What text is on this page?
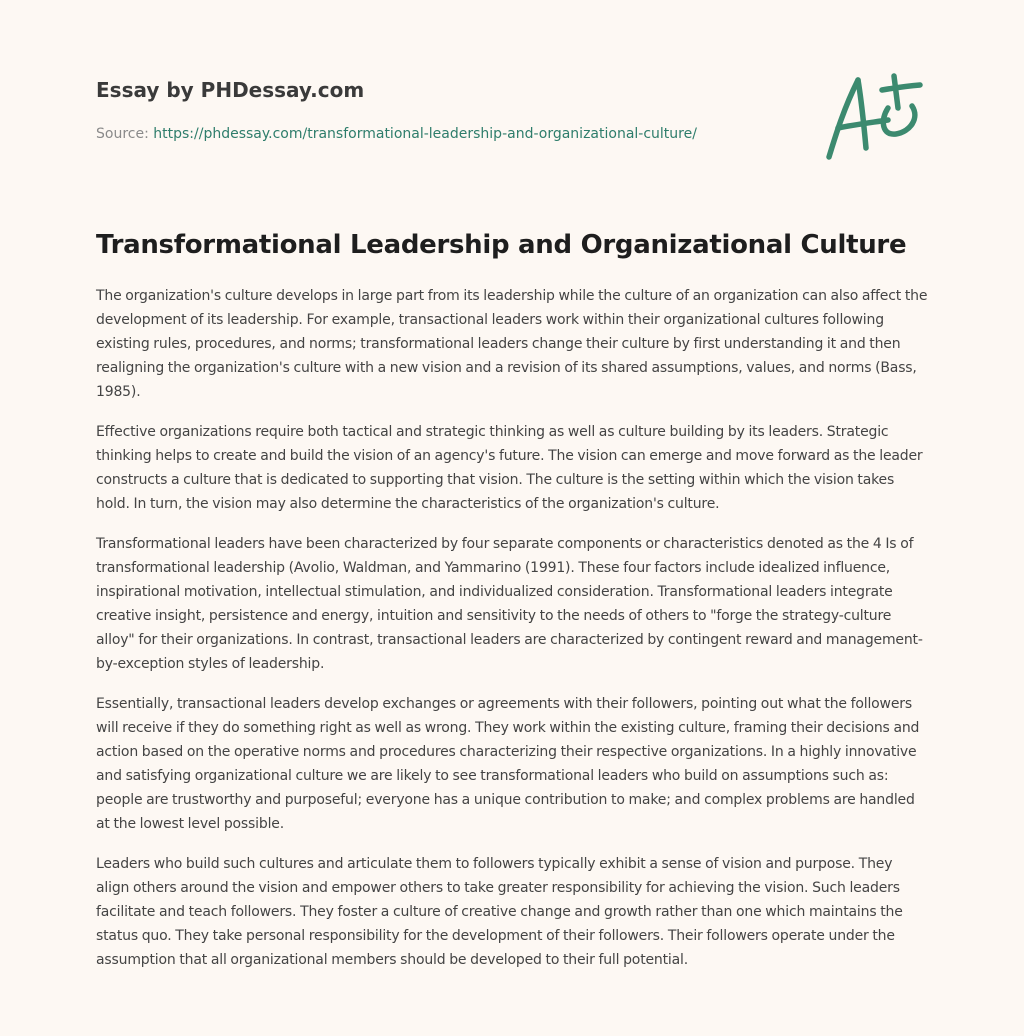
Essay by PHDessay.com
Source: https://phdessay.com/transformational-leadership-and-organizational-culture/
Transformational Leadership and Organizational Culture

The organization's culture develops in large part from its leadership while the culture of an organization can also affect the development of its leadership. For example, transactional leaders work within their organizational cultures following existing rules, procedures, and norms; transformational leaders change their culture by first understanding it and then realigning the organization's culture with a new vision and a revision of its shared assumptions, values, and norms (Bass, 1985).

Effective organizations require both tactical and strategic thinking as well as culture building by its leaders. Strategic thinking helps to create and build the vision of an agency's future. The vision can emerge and move forward as the leader constructs a culture that is dedicated to supporting that vision. The culture is the setting within which the vision takes hold. In turn, the vision may also determine the characteristics of the organization's culture.

Transformational leaders have been characterized by four separate components or characteristics denoted as the 4 Is of transformational leadership (Avolio, Waldman, and Yammarino (1991). These four factors include idealized influence, inspirational motivation, intellectual stimulation, and individualized consideration. Transformational leaders integrate creative insight, persistence and energy, intuition and sensitivity to the needs of others to "forge the strategy-culture alloy" for their organizations. In contrast, transactional leaders are characterized by contingent reward and management-by-exception styles of leadership.

Essentially, transactional leaders develop exchanges or agreements with their followers, pointing out what the followers will receive if they do something right as well as wrong. They work within the existing culture, framing their decisions and action based on the operative norms and procedures characterizing their respective organizations. In a highly innovative and satisfying organizational culture we are likely to see transformational leaders who build on assumptions such as: people are trustworthy and purposeful; everyone has a unique contribution to make; and complex problems are handled at the lowest level possible.

Leaders who build such cultures and articulate them to followers typically exhibit a sense of vision and purpose. They align others around the vision and empower others to take greater responsibility for achieving the vision. Such leaders facilitate and teach followers. They foster a culture of creative change and growth rather than one which maintains the status quo. They take personal responsibility for the development of their followers. Their followers operate under the assumption that all organizational members should be developed to their full potential.
